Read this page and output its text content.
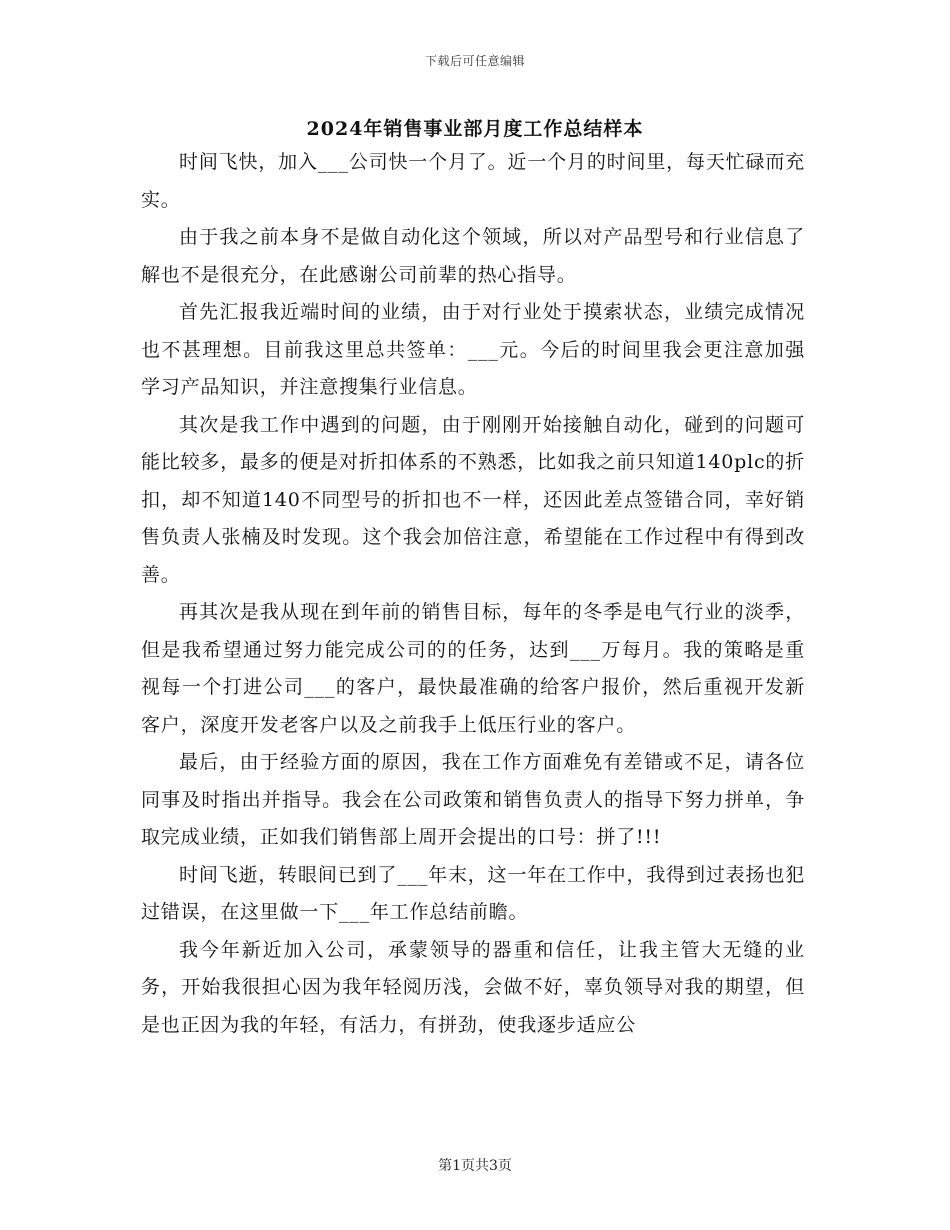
下载后可任意编辑
2024年销售事业部月度工作总结样本

时间飞快，加入___公司快一个月了。近一个月的时间里，每天忙碌而充实。

由于我之前本身不是做自动化这个领域，所以对产品型号和行业信息了解也不是很充分，在此感谢公司前辈的热心指导。

首先汇报我近端时间的业绩，由于对行业处于摸索状态，业绩完成情况也不甚理想。目前我这里总共签单：___元。今后的时间里我会更注意加强学习产品知识，并注意搜集行业信息。

其次是我工作中遇到的问题，由于刚刚开始接触自动化，碰到的问题可能比较多，最多的便是对折扣体系的不熟悉，比如我之前只知道140plc的折扣，却不知道140不同型号的折扣也不一样，还因此差点签错合同，幸好销售负责人张楠及时发现。这个我会加倍注意，希望能在工作过程中有得到改善。

再其次是我从现在到年前的销售目标，每年的冬季是电气行业的淡季，但是我希望通过努力能完成公司的的任务，达到___万每月。我的策略是重视每一个打进公司___的客户，最快最准确的给客户报价，然后重视开发新客户，深度开发老客户以及之前我手上低压行业的客户。

最后，由于经验方面的原因，我在工作方面难免有差错或不足，请各位同事及时指出并指导。我会在公司政策和销售负责人的指导下努力拼单，争取完成业绩，正如我们销售部上周开会提出的口号：拼了!!!

时间飞逝，转眼间已到了___年末，这一年在工作中，我得到过表扬也犯过错误，在这里做一下___年工作总结前瞻。

我今年新近加入公司，承蒙领导的器重和信任，让我主管大无缝的业务，开始我很担心因为我年轻阅历浅，会做不好，辜负领导对我的期望，但是也正因为我的年轻，有活力，有拼劲，使我逐步适应公

第1页共3页
